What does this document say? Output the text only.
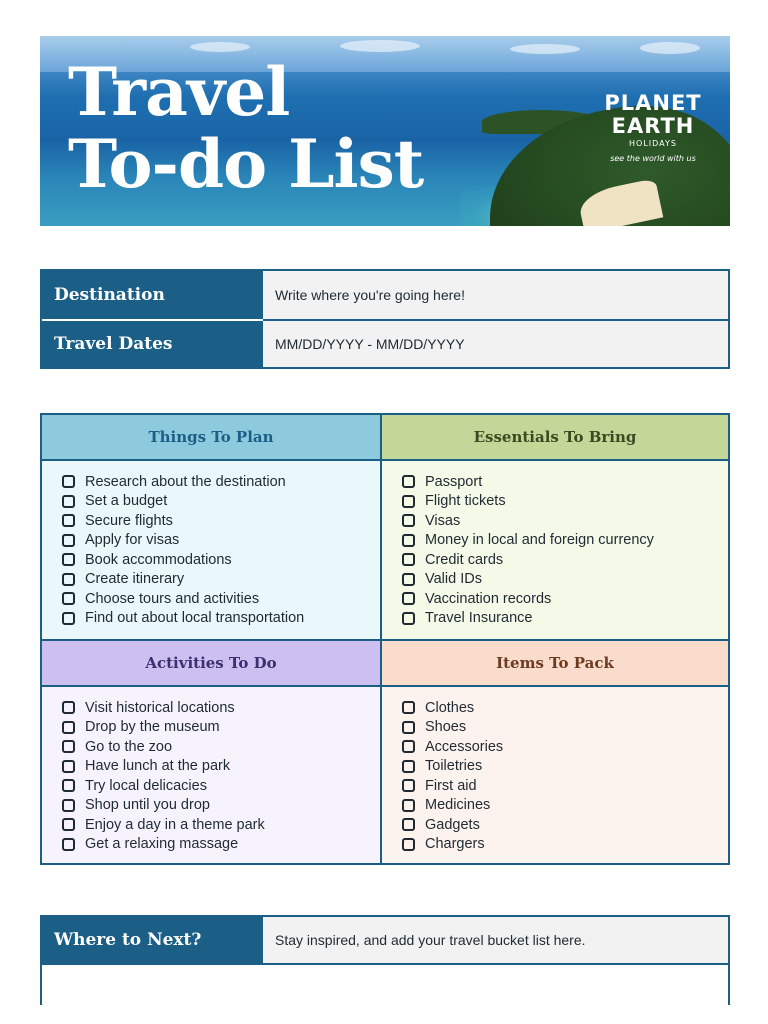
Travel
To-do List
PLANET
EARTH
HOLIDAYS
see the world with us
Destination	Write where you're going here!
Travel Dates	MM/DD/YYYY - MM/DD/YYYY
Things To Plan	Essentials To Bring
Research about the destination
Set a budget
Secure flights
Apply for visas
Book accommodations
Create itinerary
Choose tours and activities
Find out about local transportation
Passport
Flight tickets
Visas
Money in local and foreign currency
Credit cards
Valid IDs
Vaccination records
Travel Insurance
Activities To Do	Items To Pack
Visit historical locations
Drop by the museum
Go to the zoo
Have lunch at the park
Try local delicacies
Shop until you drop
Enjoy a day in a theme park
Get a relaxing massage
Clothes
Shoes
Accessories
Toiletries
First aid
Medicines
Gadgets
Chargers
Where to Next?	Stay inspired, and add your travel bucket list here.
